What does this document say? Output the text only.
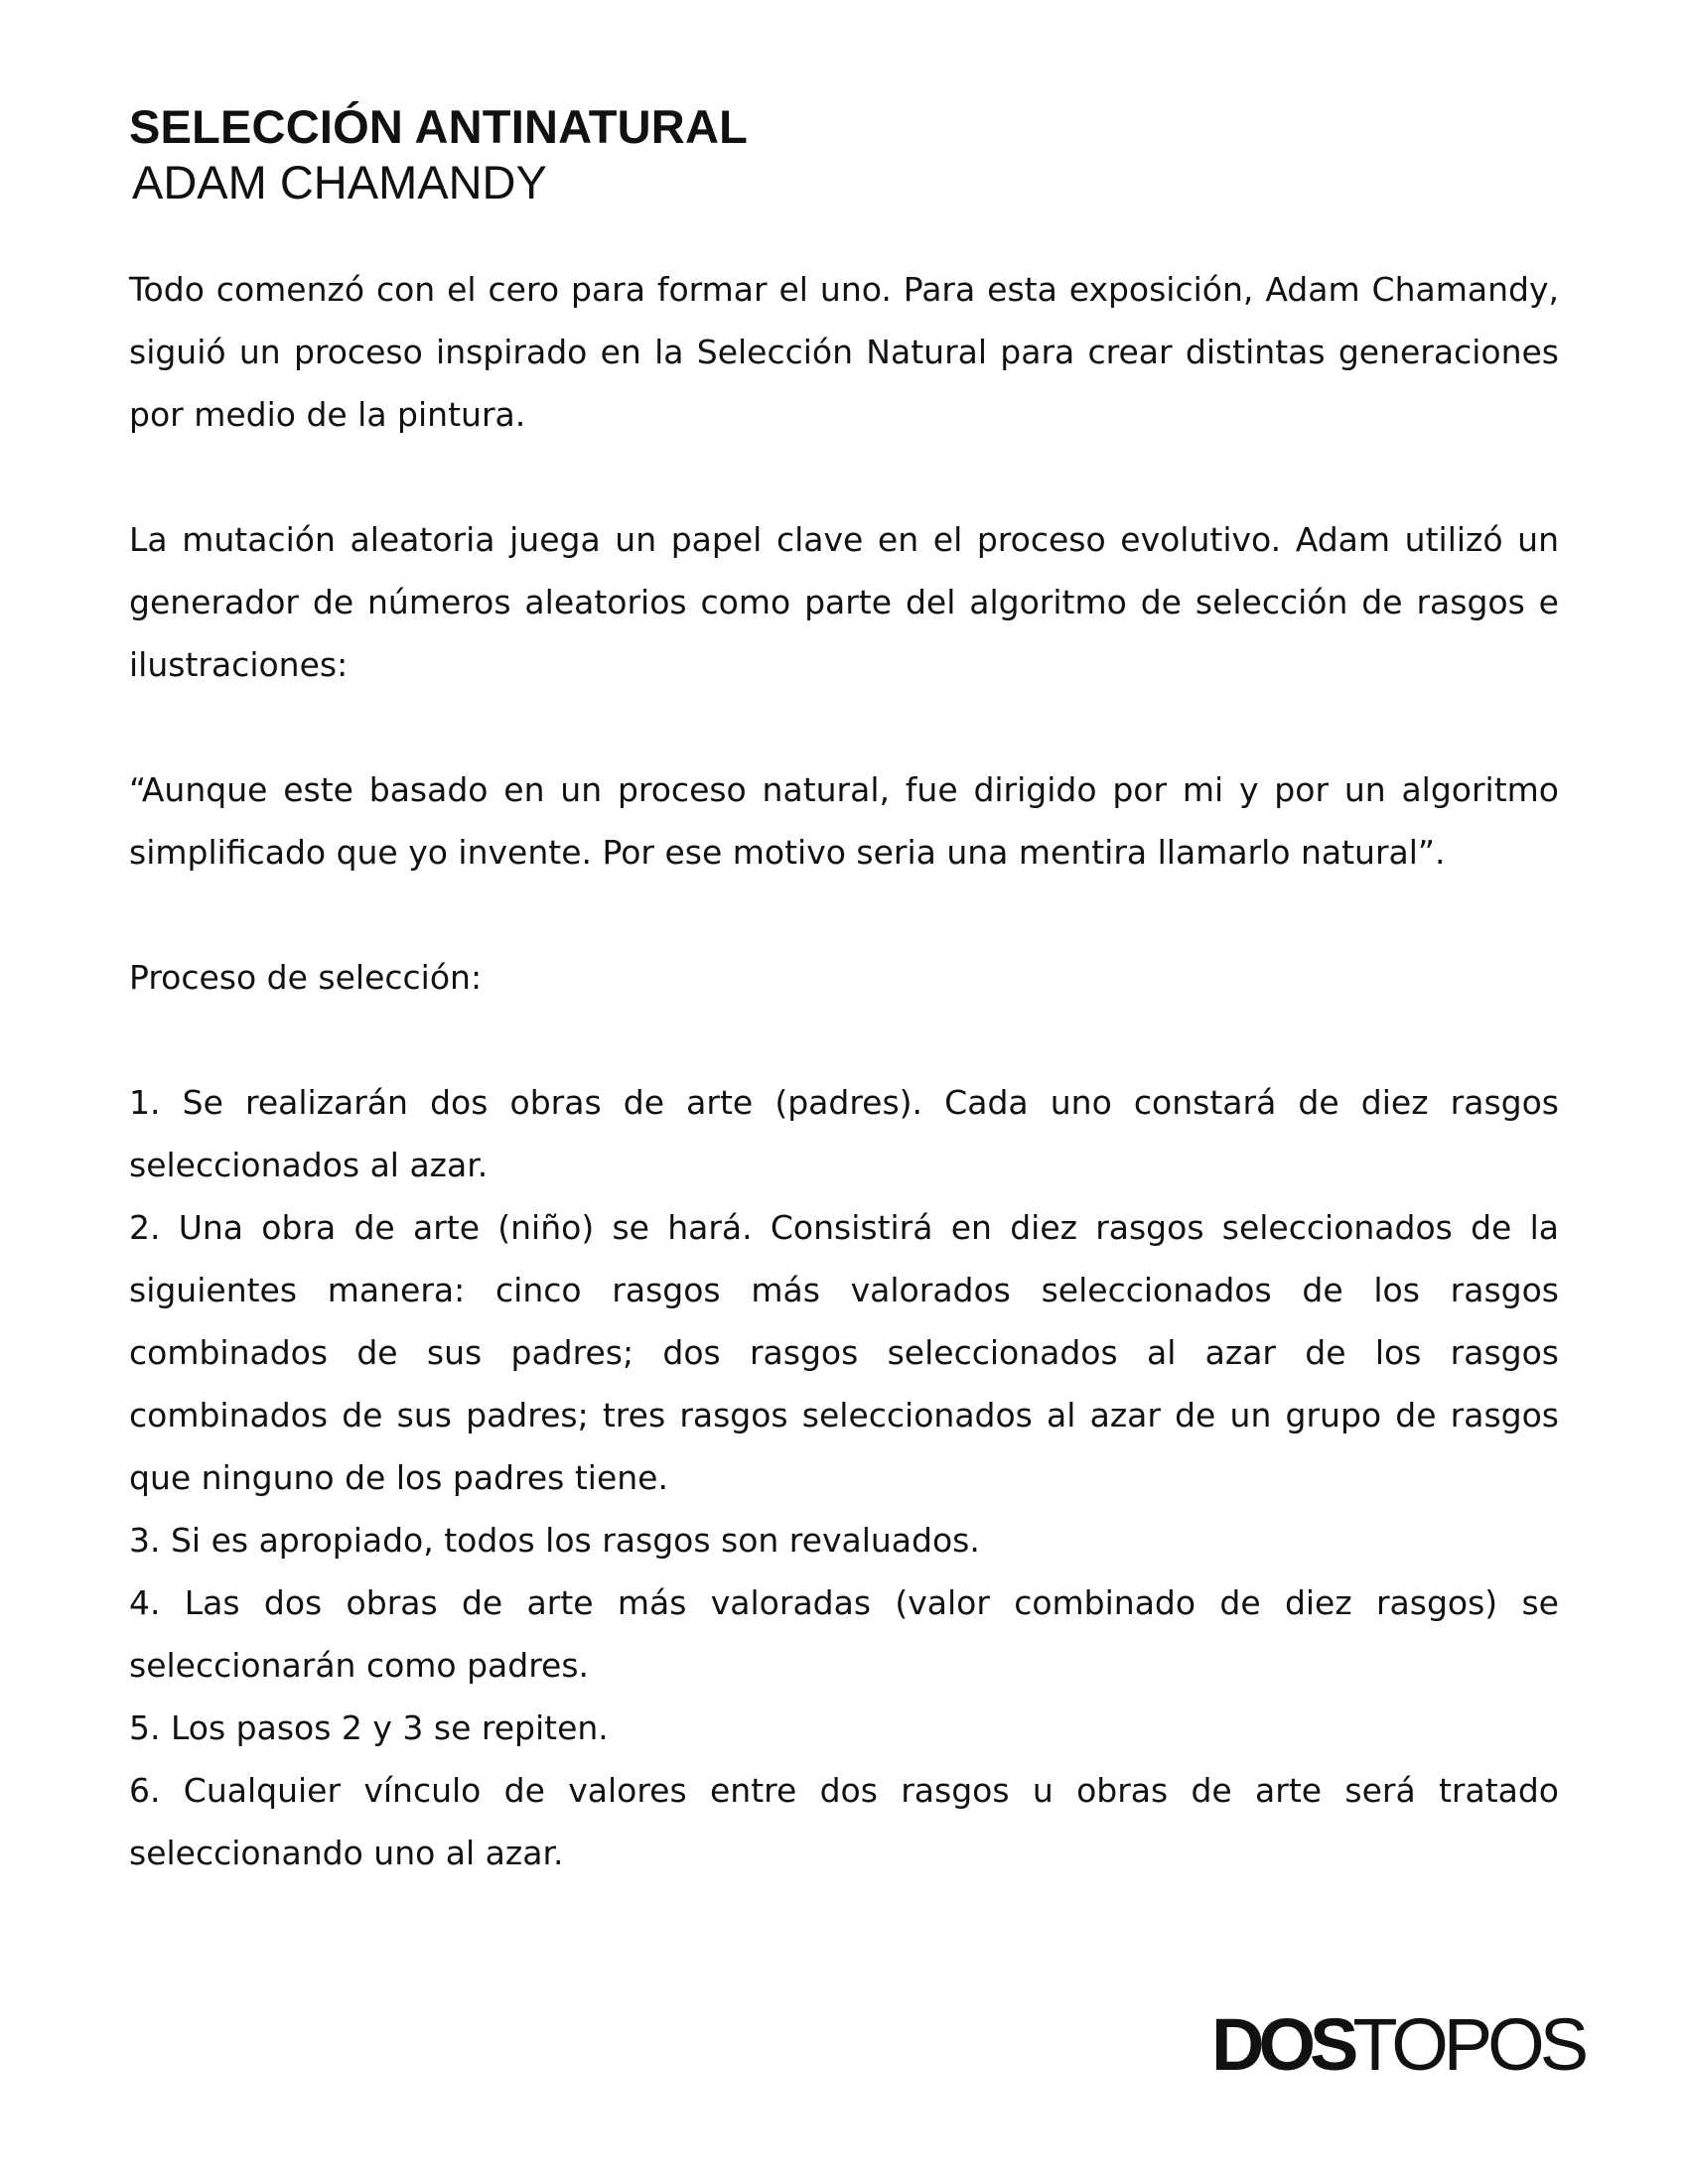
SELECCIÓN ANTINATURAL
ADAM CHAMANDY

Todo comenzó con el cero para formar el uno. Para esta exposición, Adam Chamandy, siguió un proceso inspirado en la Selección Natural para crear distintas generaciones por medio de la pintura.

La mutación aleatoria juega un papel clave en el proceso evolutivo. Adam utilizó un generador de números aleatorios como parte del algoritmo de selección de rasgos e ilustraciones:

“Aunque este basado en un proceso natural, fue dirigido por mi y por un algoritmo simplificado que yo invente. Por ese motivo seria una mentira llamarlo natural”.

Proceso de selección:

1. Se realizarán dos obras de arte (padres). Cada uno constará de diez rasgos seleccionados al azar.

2. Una obra de arte (niño) se hará. Consistirá en diez rasgos seleccionados de la siguientes manera: cinco rasgos más valorados seleccionados de los rasgos combinados de sus padres; dos rasgos seleccionados al azar de los rasgos combinados de sus padres; tres rasgos seleccionados al azar de un grupo de rasgos que ninguno de los padres tiene.

3. Si es apropiado, todos los rasgos son revaluados.

4. Las dos obras de arte más valoradas (valor combinado de diez rasgos) se seleccionarán como padres.

5. Los pasos 2 y 3 se repiten.

6. Cualquier vínculo de valores entre dos rasgos u obras de arte será tratado seleccionando uno al azar.

DOSTOPOS
